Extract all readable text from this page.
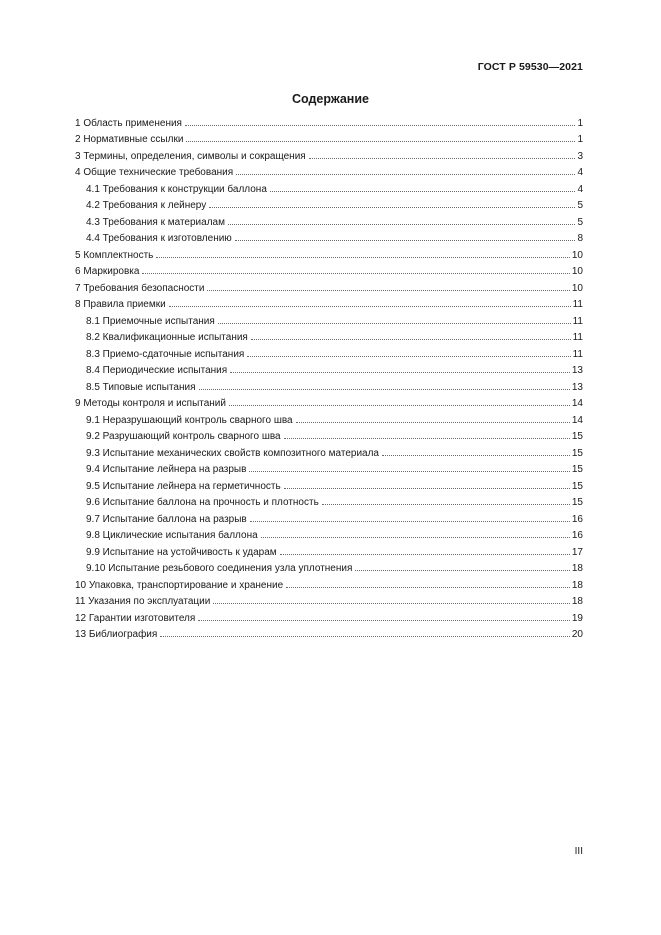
ГОСТ Р 59530—2021
Содержание
1 Область применения	1
2 Нормативные ссылки	1
3 Термины, определения, символы и сокращения	3
4 Общие технические требования	4
4.1 Требования к конструкции баллона	4
4.2 Требования к лейнеру	5
4.3 Требования к материалам	5
4.4 Требования к изготовлению	8
5 Комплектность	10
6 Маркировка	10
7 Требования безопасности	10
8 Правила приемки	11
8.1 Приемочные испытания	11
8.2 Квалификационные испытания	11
8.3 Приемо-сдаточные испытания	11
8.4 Периодические испытания	13
8.5 Типовые испытания	13
9 Методы контроля и испытаний	14
9.1 Неразрушающий контроль сварного шва	14
9.2 Разрушающий контроль сварного шва	15
9.3 Испытание механических свойств композитного материала	15
9.4 Испытание лейнера на разрыв	15
9.5 Испытание лейнера на герметичность	15
9.6 Испытание баллона на прочность и плотность	15
9.7 Испытание баллона на разрыв	16
9.8 Циклические испытания баллона	16
9.9 Испытание на устойчивость к ударам	17
9.10 Испытание резьбового соединения узла уплотнения	18
10 Упаковка, транспортирование и хранение	18
11 Указания по эксплуатации	18
12 Гарантии изготовителя	19
13 Библиография	20
III
